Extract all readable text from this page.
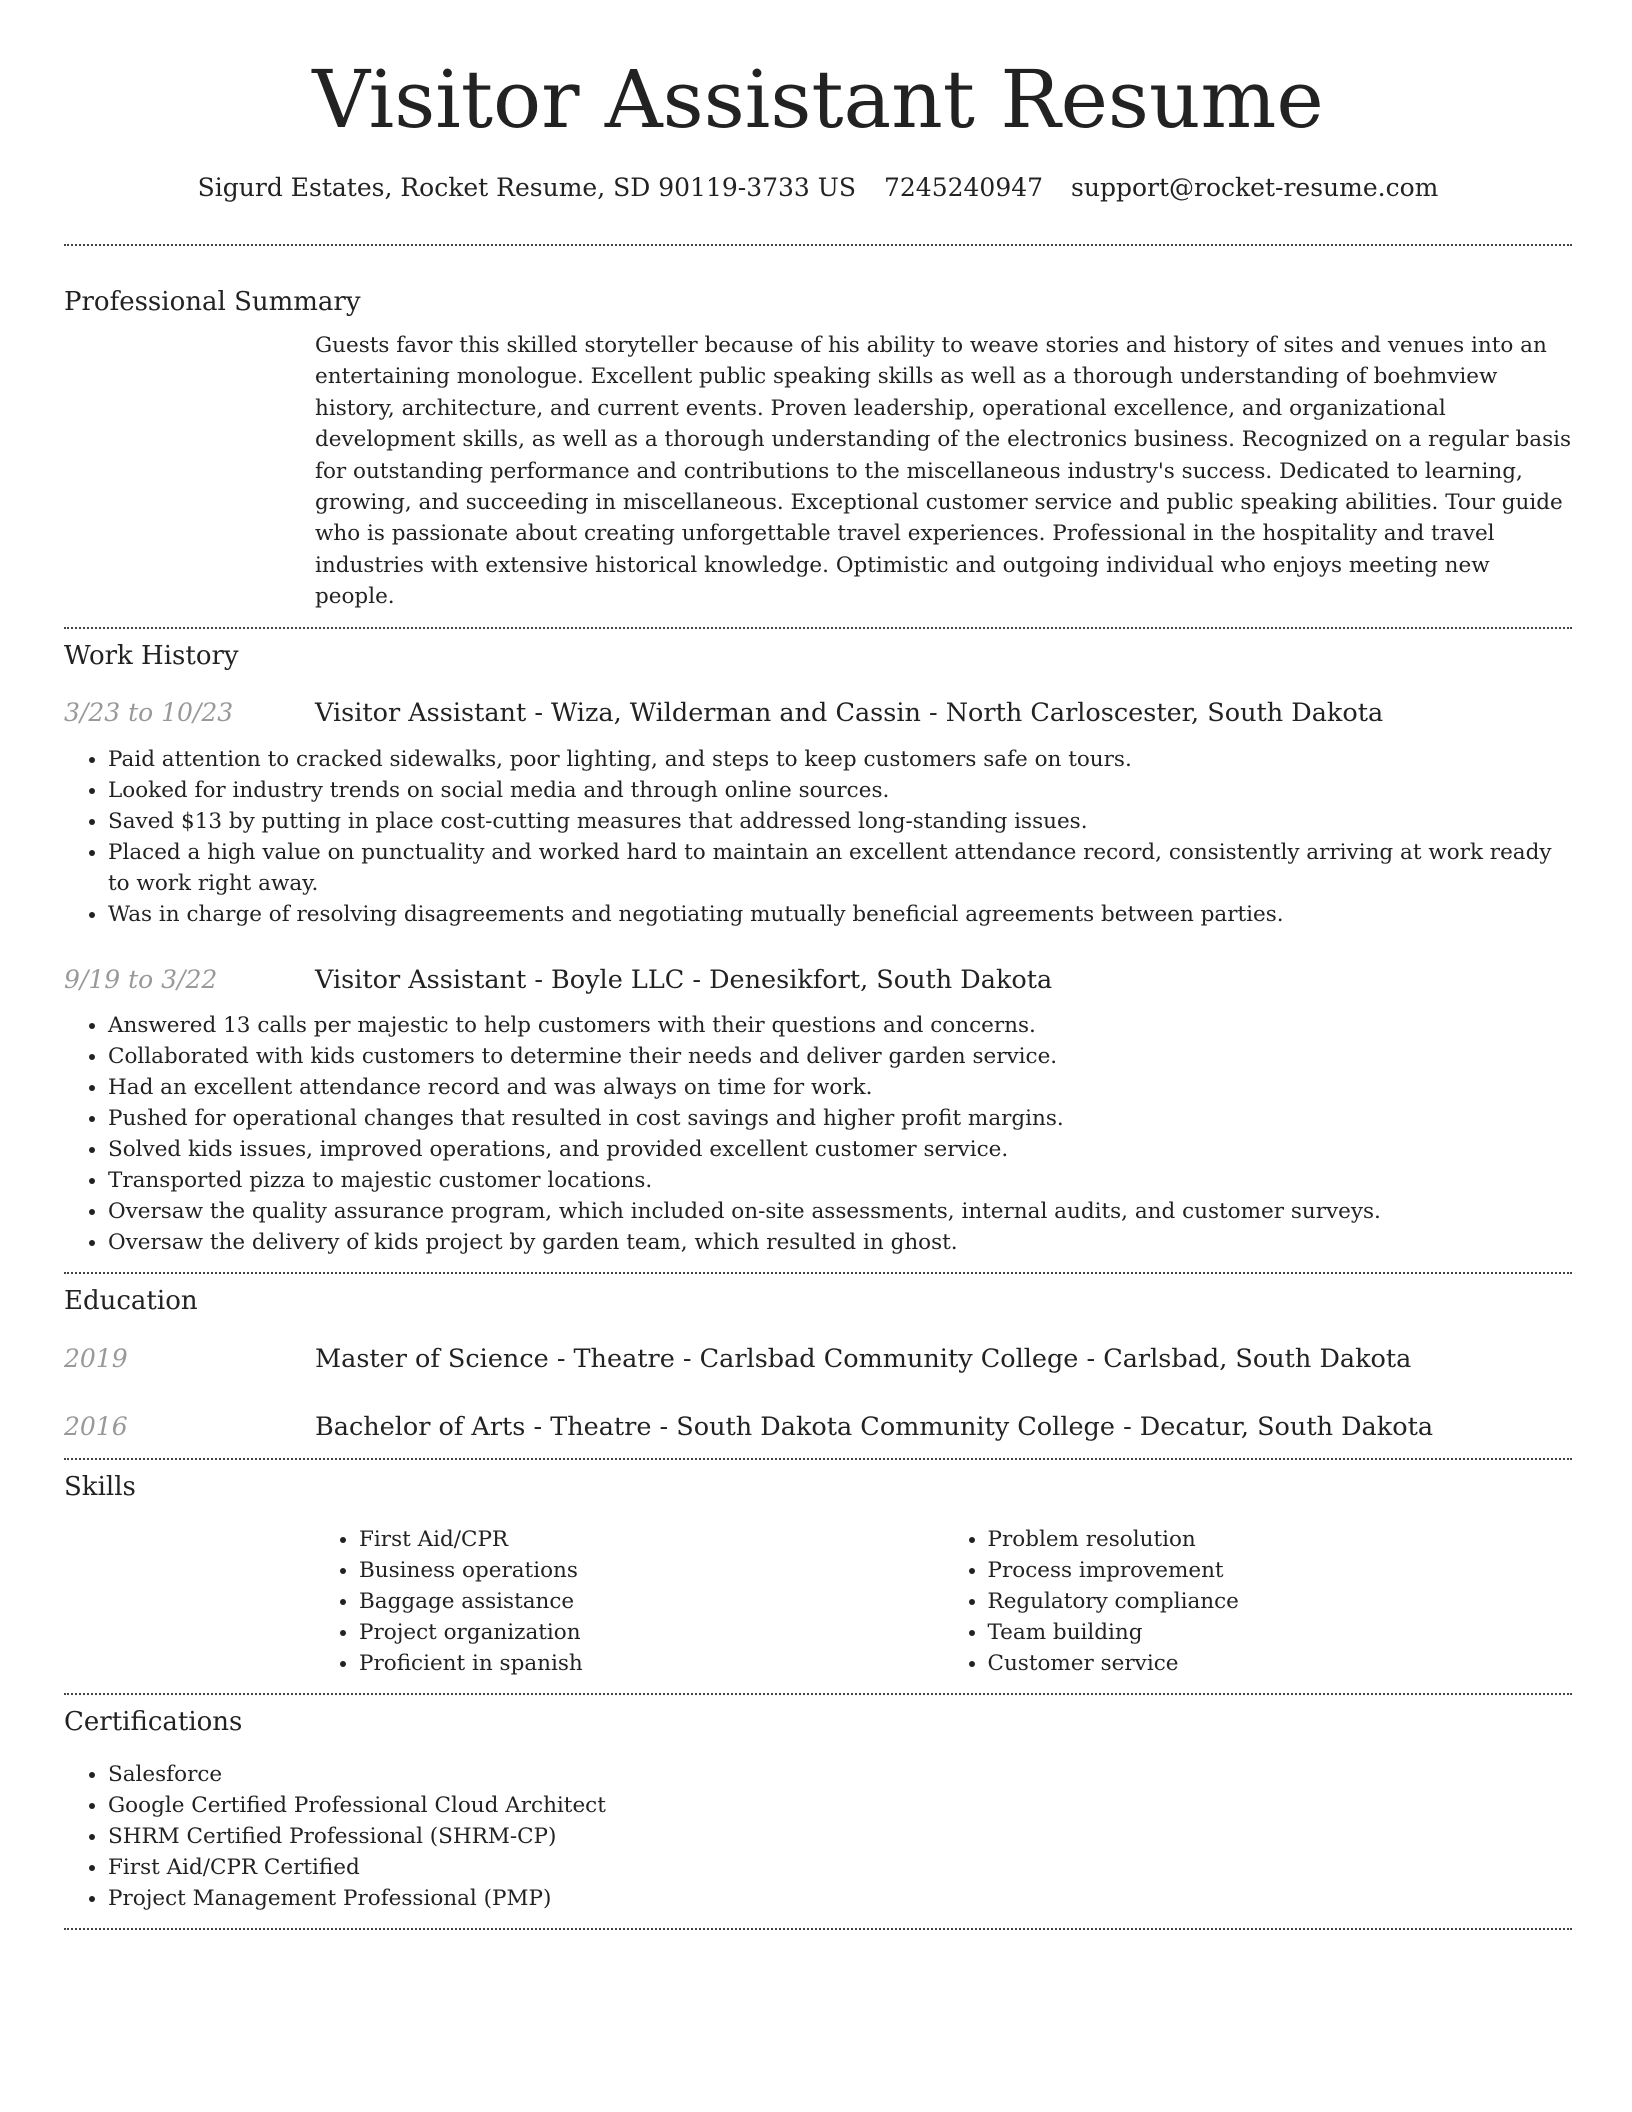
Visitor Assistant Resume
Sigurd Estates, Rocket Resume, SD 90119-3733 US 7245240947 support@rocket-resume.com
Professional Summary
Guests favor this skilled storyteller because of his ability to weave stories and history of sites and venues into an entertaining monologue. Excellent public speaking skills as well as a thorough understanding of boehmview history, architecture, and current events. Proven leadership, operational excellence, and organizational development skills, as well as a thorough understanding of the electronics business. Recognized on a regular basis for outstanding performance and contributions to the miscellaneous industry's success. Dedicated to learning, growing, and succeeding in miscellaneous. Exceptional customer service and public speaking abilities. Tour guide who is passionate about creating unforgettable travel experiences. Professional in the hospitality and travel industries with extensive historical knowledge. Optimistic and outgoing individual who enjoys meeting new people.
Work History
3/23 to 10/23	Visitor Assistant - Wiza, Wilderman and Cassin - North Carloscester, South Dakota
• Paid attention to cracked sidewalks, poor lighting, and steps to keep customers safe on tours.
• Looked for industry trends on social media and through online sources.
• Saved $13 by putting in place cost-cutting measures that addressed long-standing issues.
• Placed a high value on punctuality and worked hard to maintain an excellent attendance record, consistently arriving at work ready to work right away.
• Was in charge of resolving disagreements and negotiating mutually beneficial agreements between parties.
9/19 to 3/22	Visitor Assistant - Boyle LLC - Denesikfort, South Dakota
• Answered 13 calls per majestic to help customers with their questions and concerns.
• Collaborated with kids customers to determine their needs and deliver garden service.
• Had an excellent attendance record and was always on time for work.
• Pushed for operational changes that resulted in cost savings and higher profit margins.
• Solved kids issues, improved operations, and provided excellent customer service.
• Transported pizza to majestic customer locations.
• Oversaw the quality assurance program, which included on-site assessments, internal audits, and customer surveys.
• Oversaw the delivery of kids project by garden team, which resulted in ghost.
Education
2019	Master of Science - Theatre - Carlsbad Community College - Carlsbad, South Dakota
2016	Bachelor of Arts - Theatre - South Dakota Community College - Decatur, South Dakota
Skills
• First Aid/CPR
• Business operations
• Baggage assistance
• Project organization
• Proficient in spanish
• Problem resolution
• Process improvement
• Regulatory compliance
• Team building
• Customer service
Certifications
• Salesforce
• Google Certified Professional Cloud Architect
• SHRM Certified Professional (SHRM-CP)
• First Aid/CPR Certified
• Project Management Professional (PMP)
